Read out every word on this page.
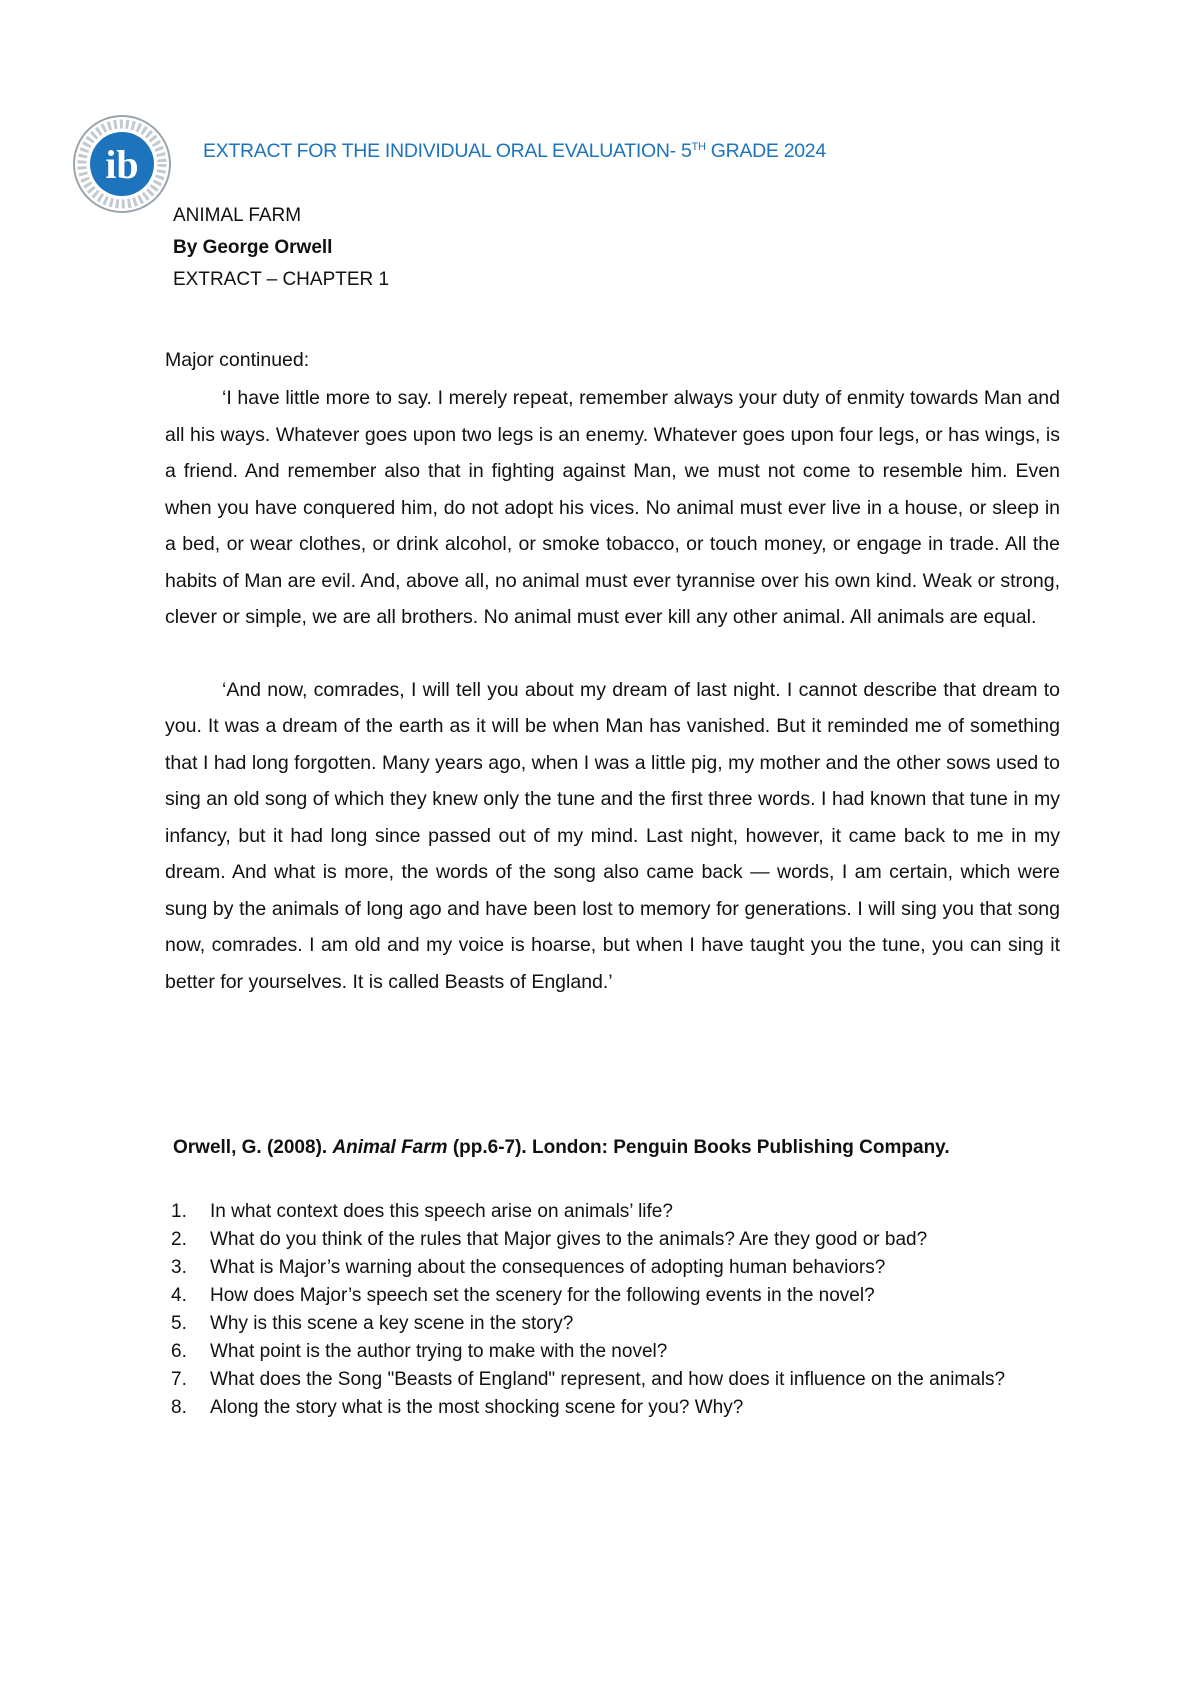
ib	EXTRACT FOR THE INDIVIDUAL ORAL EVALUATION- 5TH GRADE 2024
ANIMAL FARM
By George Orwell
EXTRACT – CHAPTER 1

Major continued:

‘I have little more to say. I merely repeat, remember always your duty of enmity towards Man and all his ways. Whatever goes upon two legs is an enemy. Whatever goes upon four legs, or has wings, is a friend. And remember also that in fighting against Man, we must not come to resemble him. Even when you have conquered him, do not adopt his vices. No animal must ever live in a house, or sleep in a bed, or wear clothes, or drink alcohol, or smoke tobacco, or touch money, or engage in trade. All the habits of Man are evil. And, above all, no animal must ever tyrannise over his own kind. Weak or strong, clever or simple, we are all brothers. No animal must ever kill any other animal. All animals are equal.

‘And now, comrades, I will tell you about my dream of last night. I cannot describe that dream to you. It was a dream of the earth as it will be when Man has vanished. But it reminded me of something that I had long forgotten. Many years ago, when I was a little pig, my mother and the other sows used to sing an old song of which they knew only the tune and the first three words. I had known that tune in my infancy, but it had long since passed out of my mind. Last night, however, it came back to me in my dream. And what is more, the words of the song also came back — words, I am certain, which were sung by the animals of long ago and have been lost to memory for generations. I will sing you that song now, comrades. I am old and my voice is hoarse, but when I have taught you the tune, you can sing it better for yourselves. It is called Beasts of England.’

Orwell, G. (2008). Animal Farm (pp.6-7). London: Penguin Books Publishing Company.
1. In what context does this speech arise on animals’ life?
2. What do you think of the rules that Major gives to the animals? Are they good or bad?
3. What is Major’s warning about the consequences of adopting human behaviors?
4. How does Major’s speech set the scenery for the following events in the novel?
5. Why is this scene a key scene in the story?
6. What point is the author trying to make with the novel?
7. What does the Song "Beasts of England" represent, and how does it influence on the animals?
8. Along the story what is the most shocking scene for you? Why?
